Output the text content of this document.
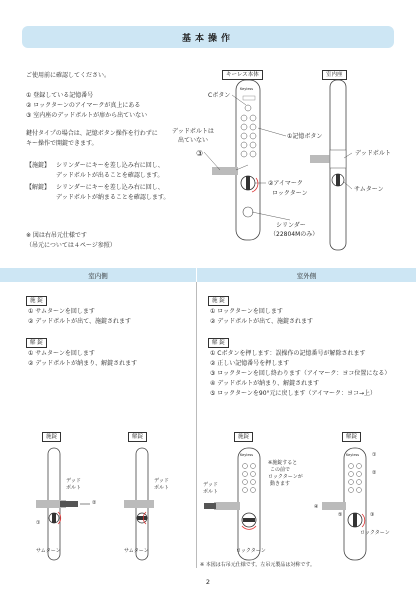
基本操作
ご使用前に確認してください。
① 登録している記憶番号
② ロックターンのアイマークが真上にある
③ 室内座のデッドボルトが扉から出ていない
鍵付タイプの場合は、記憶ボタン操作を行わずに
キー操作で開錠できます。
【施錠】 シリンダーにキーを差し込み右に回し、
デッドボルトが出ることを確認します。
【解錠】 シリンダーにキーを差し込み右に回し、
デッドボルトが納まることを確認します。
※ 図は右吊元仕様です
（吊元については４ページ参照）
キーレス本体	室内座
Cボタン
①記憶ボタン
デッドボルトは
出ていない
③	デッドボルト
②アイマーク
ロックターン
サムターン
シリンダー
（22804Mのみ）
Keyless
室内側	室外側
施 錠
① サムターンを回します
② デッドボルトが出て、施錠されます
解 錠
① サムターンを回します
② デッドボルトが納まり、解錠されます
施 錠
① ロックターンを回します
② デッドボルトが出て、施錠されます
解 錠
① Cボタンを押します：誤操作の記憶番号が解除されます
② 正しい記憶番号を押します
③ ロックターンを回し終わります（アイマーク：ヨコ位置になる）
④ デッドボルトが納まり、解錠されます
⑤ ロックターンを90°元に戻します（アイマーク：ヨコ→上）
施錠	解錠	施錠	解錠
デッド
ボルト
②
①
サムターン
デッド
ボルト
サムターン
デッド
ボルト
ロックターン
※施錠すると
この前で
ロックターンが
動きます
①
②
③
④
⑤
ロックターン
Keyless	Keyless
※ 本図は右吊元仕様です。左吊元製品は対称です。
2
